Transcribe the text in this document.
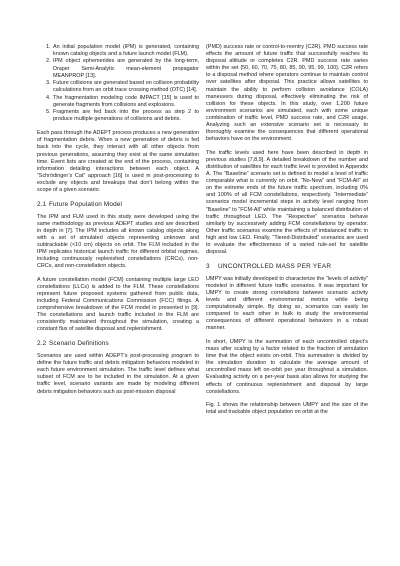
1. An initial population model (IPM) is generated, containing known catalog objects and a future launch model (FLM).
2. IPM object ephemerides are generated by the long-term, Draper Semi-Analytic mean-element propagator MEANPROP [13].
3. Future collisions are generated based on collision probability calculations from an orbit trace crossing method (OTC) [14].
4. The fragmentation modeling code IMPACT [15] is used to generate fragments from collisions and explosions.
5. Fragments are fed back into the process as step 2 to produce multiple generations of collisions and debris.

Each pass through the ADEPT process produces a new generation of fragmentation debris. When a new generation of debris is fed back into the cycle, they interact with all other objects from previous generations, assuming they exist at the same simulation time. Event lists are created at the end of the process, containing information detailing interactions between each object. A “Schrödinger’s Cat” approach [16] is used in post-processing to exclude any objects and breakups that don’t belong within the scope of a given scenario.

2.1 Future Population Model

The IPM and FLM used in this study were developed using the same methodology as previous ADEPT studies and are described in depth in [7]. The IPM includes all known catalog objects along with a set of simulated objects representing unknown and subtrackable (<10 cm) objects on orbit. The FLM included in the IPM replicates historical launch traffic for different orbital regimes, including continuously replenished constellations (CRCs), non-CRCs, and non-constellation objects.

A future constellation model (FCM) containing multiple large LEO constellations (LLCs) is added to the FLM. These constellations represent future proposed systems gathered from public data, including Federal Communications Commission (FCC) filings. A comprehensive breakdown of the FCM model in presented in [9]. The constellations and launch traffic included in the FLM are consistently maintained throughout the simulation, creating a constant flux of satellite disposal and replenishment.

2.2 Scenario Definitions

Scenarios are used within ADEPT’s post-processing program to define the future traffic and debris mitigation behaviors modeled in each future environment simulation. The traffic level defines what subset of FCM are to be included in the simulation. At a given traffic level, scenario variants are made by modeling different debris mitigation behaviors such as post-mission disposal

(PMD) success rate or control-to-reentry (C2R). PMD success rate effects the amount of future traffic that successfully reaches its disposal altitude or completes C2R. PMD success rate varies within the set {50, 60, 70, 75, 80, 85, 90, 95, 99, 100}. C2R refers to a disposal method where operators continue to maintain control over satellites after disposal. This practice allows satellites to maintain the ability to perform collision avoidance (COLA) maneuvers during disposal, effectively eliminating the risk of collision for these objects. In this study, over 1,200 future environment scenarios are simulated, each with some unique combination of traffic level, PMD success rate, and C2R usage. Analyzing such an extensive scenario set is necessary to thoroughly examine the consequences that different operational behaviors have on the environment.

The traffic levels used here have been described in depth in previous studies [7,8,9]. A detailed breakdown of the number and distribution of satellites for each traffic level is provided in Appendix A. The “Baseline” scenario set is defined to model a level of traffic comparable what is currently on orbit. “No-New” and “FCM-All” sit on the extreme ends of the future traffic spectrum, including 0% and 100% of all FCM constellations, respectively. “Intermediate” scenarios model incremental steps in activity level ranging from “Baseline” to “FCM-All” while maintaining a balanced distribution of traffic throughout LEO. The “Respective” scenarios behave similarly by successively adding FCM constellations by operator. Other traffic scenarios examine the effects of imbalanced traffic in high and low LEO. Finally, “Tiered-Distributed” scenarios are used to evaluate the effectiveness of a varied rule-set for satellite disposal.

3 UNCONTROLLED MASS PER YEAR

UMPY was initially developed to characterize the “levels of activity” modeled in different future traffic scenarios. It was important for UMPY to create strong correlations between scenario activity levels and different environmental metrics while being computationally simple. By doing so, scenarios can easily be compared to each other in bulk to study the environmental consequences of different operational behaviors in a robust manner.

In short, UMPY is the summation of each uncontrolled object’s mass after scaling by a factor related to the fraction of simulation time that the object exists on-orbit. This summation is divided by the simulation duration to calculate the average amount of uncontrolled mass left on-orbit per year throughout a simulation. Evaluating activity on a per-year basis also allows for studying the effects of continuous replenishment and disposal by large constellations.

Fig. 1 shows the relationship between UMPY and the size of the total and trackable object population on orbit at the
